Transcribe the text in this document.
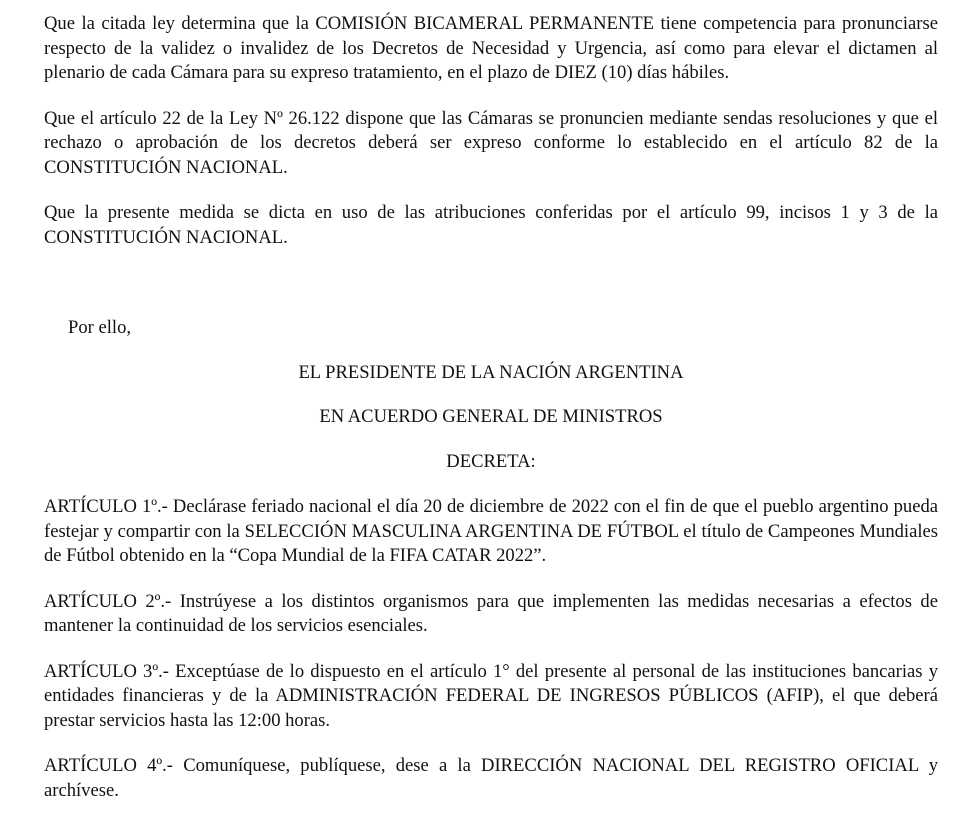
Que la citada ley determina que la COMISIÓN BICAMERAL PERMANENTE tiene competencia para pronunciarse respecto de la validez o invalidez de los Decretos de Necesidad y Urgencia, así como para elevar el dictamen al plenario de cada Cámara para su expreso tratamiento, en el plazo de DIEZ (10) días hábiles.

Que el artículo 22 de la Ley Nº 26.122 dispone que las Cámaras se pronuncien mediante sendas resoluciones y que el rechazo o aprobación de los decretos deberá ser expreso conforme lo establecido en el artículo 82 de la CONSTITUCIÓN NACIONAL.

Que la presente medida se dicta en uso de las atribuciones conferidas por el artículo 99, incisos 1 y 3 de la CONSTITUCIÓN NACIONAL.

Por ello,

EL PRESIDENTE DE LA NACIÓN ARGENTINA

EN ACUERDO GENERAL DE MINISTROS

DECRETA:

ARTÍCULO 1º.- Declárase feriado nacional el día 20 de diciembre de 2022 con el fin de que el pueblo argentino pueda festejar y compartir con la SELECCIÓN MASCULINA ARGENTINA DE FÚTBOL el título de Campeones Mundiales de Fútbol obtenido en la “Copa Mundial de la FIFA CATAR 2022”.

ARTÍCULO 2º.- Instrúyese a los distintos organismos para que implementen las medidas necesarias a efectos de mantener la continuidad de los servicios esenciales.

ARTÍCULO 3º.- Exceptúase de lo dispuesto en el artículo 1° del presente al personal de las instituciones bancarias y entidades financieras y de la ADMINISTRACIÓN FEDERAL DE INGRESOS PÚBLICOS (AFIP), el que deberá prestar servicios hasta las 12:00 horas.

ARTÍCULO 4º.- Comuníquese, publíquese, dese a la DIRECCIÓN NACIONAL DEL REGISTRO OFICIAL y archívese.
